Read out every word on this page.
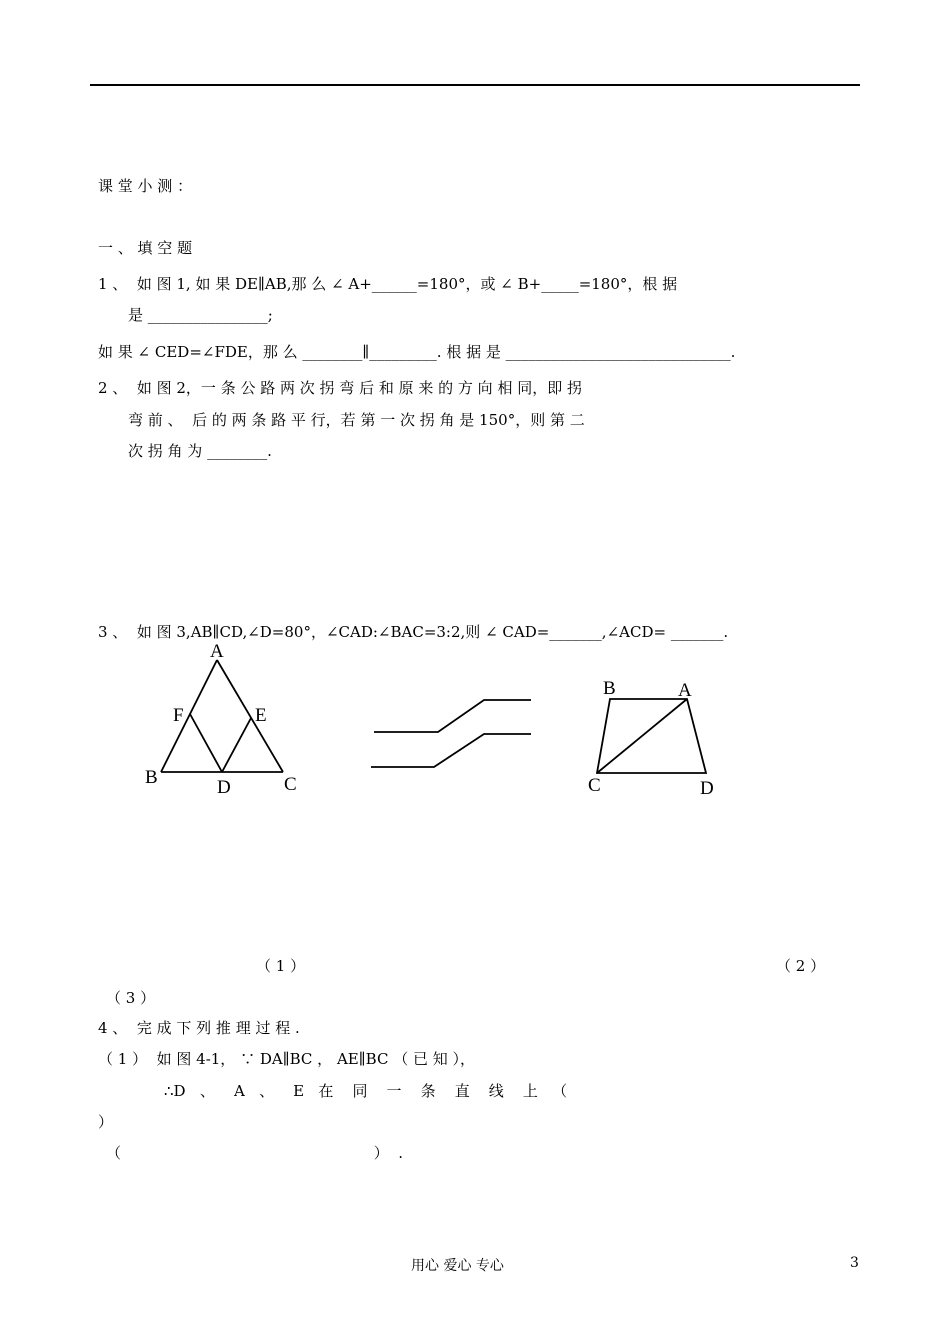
课 堂 小 测 ：
一 、 填 空 题
1 、  如 图 1, 如 果 DE∥AB,那 么 ∠ A+______=180°，或 ∠ B+_____=180°，根 据
是 ________________;
如 果 ∠ CED=∠FDE，那 么 ________∥_________. 根 据 是 ______________________________.
2 、  如 图 2，一 条 公 路 两 次 拐 弯 后 和 原 来 的 方 向 相 同，即 拐
弯 前 、  后 的 两 条 路 平 行，若 第 一 次 拐 角 是 150°，则 第 二
次 拐 角 为 ________.
3 、  如 图 3,AB∥CD,∠D=80°，∠CAD:∠BAC=3:2,则 ∠ CAD=_______,∠ACD= _______.
A
F	E
B	D	C
B	A
C	D
（ 1 ）	（ 2 ）
（ 3 ）
4 、  完 成 下 列 推 理 过 程 .
（ 1 ）  如 图 4-1， ∵ DA∥BC ， AE∥BC （ 已 知 ），
∴D   、    A   、    E   在    同    一    条    直    线    上   （
）
（                                                     ）  .
用心 爱心 专心	3
